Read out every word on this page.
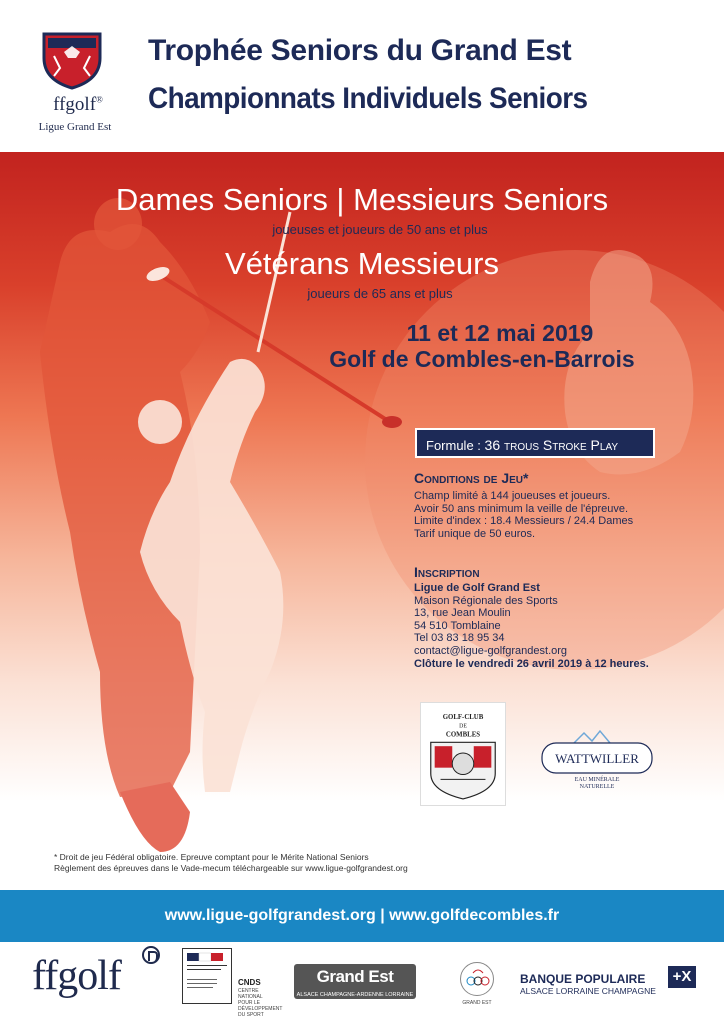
ffgolf®
Ligue Grand Est
Trophée Seniors du Grand Est
Championnats Individuels Seniors
Dames Seniors | Messieurs Seniors
joueuses et joueurs de 50 ans et plus
Vétérans Messieurs
joueurs de 65 ans et plus
11 et 12 mai 2019
Golf de Combles-en-Barrois
Formule : 36 trous Stroke Play
Conditions de Jeu*
Champ limité à 144 joueuses et joueurs.
Avoir 50 ans minimum la veille de l'épreuve.
Limite d'index : 18.4 Messieurs / 24.4 Dames
Tarif unique de 50 euros.
Inscription
Ligue de Golf Grand Est
Maison Régionale des Sports
13, rue Jean Moulin
54 510 Tomblaine
Tel 03 83 18 95 34
contact@ligue-golfgrandest.org
Clôture le vendredi 26 avril 2019 à 12 heures.
GOLF-CLUB
DE
COMBLES
WATTWILLER
EAU MINÉRALE
NATURELLE
* Droit de jeu Fédéral obligatoire. Epreuve comptant pour le Mérite National Seniors
Règlement des épreuves dans le Vade-mecum téléchargeable sur www.ligue-golfgrandest.org
www.ligue-golfgrandest.org | www.golfdecombles.fr
ffgolf	CNDS
CENTRE NATIONAL POUR LE DÉVELOPPEMENT DU SPORT
Grand Est
ALSACE CHAMPAGNE-ARDENNE LORRAINE
GRAND EST
BANQUE POPULAIRE
ALSACE LORRAINE CHAMPAGNE
+X
